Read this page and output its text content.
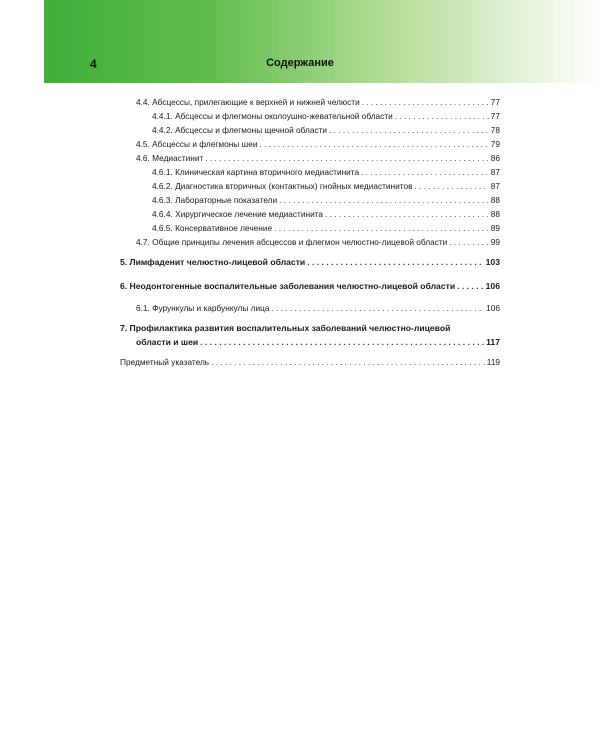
4	Содержание
4.4. Абсцессы, прилегающие к верхней и нижней челюсти . . .	77
4.4.1. Абсцессы и флегмоны околоушно-жевательной области . . .	77
4.4.2. Абсцессы и флегмоны щечной области . . .	78
4.5. Абсцессы и флегмоны шеи . . .	79
4.6. Медиастинит . . .	86
4.6.1. Клиническая картина вторичного медиастинита . . .	87
4.6.2. Диагностика вторичных (контактных) гнойных медиастинитов . . .	87
4.6.3. Лабораторные показатели . . .	88
4.6.4. Хирургическое лечение медиастинита . . .	88
4.6.5. Консервативное лечение . . .	89
4.7. Общие принципы лечения абсцессов и флегмон челюстно-лицевой области . . .	99
5. Лимфаденит челюстно-лицевой области . . .	103
6. Неодонтогенные воспалительные заболевания челюстно-лицевой области . . .	106
6.1. Фурункулы и карбункулы лица . . .	106
7. Профилактика развития воспалительных заболеваний челюстно-лицевой
области и шеи . . .	117
Предметный указатель . . .	119
